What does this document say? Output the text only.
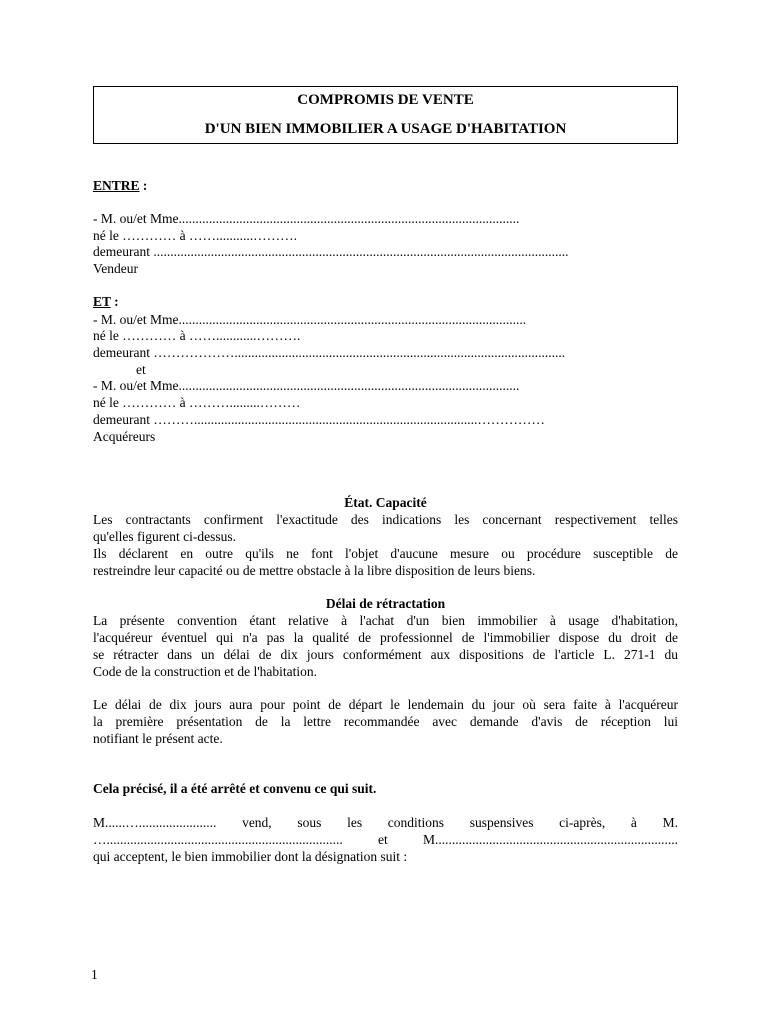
COMPROMIS DE VENTE
D'UN BIEN IMMOBILIER A USAGE D'HABITATION
ENTRE :
- M. ou/et Mme.....................................................................................................
né le ………… à ……...........……….
demeurant ...........................................................................................................................
Vendeur
ET :
- M. ou/et Mme.......................................................................................................
né le ………… à ……............……….
demeurant ………………..................................................................................................
et
- M. ou/et Mme.....................................................................................................
né le ………… à ……….........………
demeurant ………....................................................................................……………
Acquéreurs
État. Capacité
Les contractants confirment l'exactitude des indications les concernant respectivement telles
qu'elles figurent ci-dessus.
Ils déclarent en outre qu'ils ne font l'objet d'aucune mesure ou procédure susceptible de
restreindre leur capacité ou de mettre obstacle à la libre disposition de leurs biens.
Délai de rétractation
La présente convention étant relative à l'achat d'un bien immobilier à usage d'habitation,
l'acquéreur éventuel qui n'a pas la qualité de professionnel de l'immobilier dispose du droit de
se rétracter dans un délai de dix jours conformément aux dispositions de l'article L. 271-1 du
Code de la construction et de l'habitation.
Le délai de dix jours aura pour point de départ le lendemain du jour où sera faite à l'acquéreur
la première présentation de la lettre recommandée avec demande d'avis de réception lui
notifiant le présent acte.
Cela précisé, il a été arrêté et convenu ce qui suit.
M......…....................... vend, sous les conditions suspensives ci-après, à M.
…...................................................................... et M........................................................................
qui acceptent, le bien immobilier dont la désignation suit :
1
